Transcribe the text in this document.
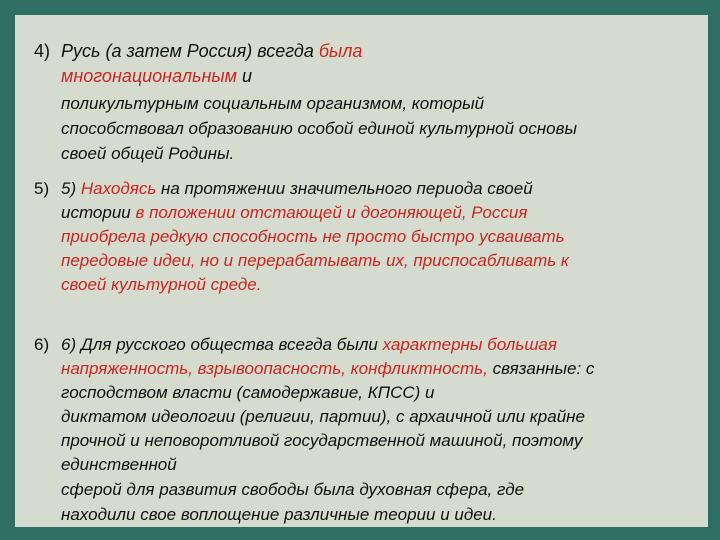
4) Русь (а затем Россия) всегда была
многонациональным и
поликультурным социальным организмом, который
способствовал образованию особой единой культурной основы
своей общей Родины.
5) 5) Находясь на протяжении значительного периода своей
истории в положении отстающей и догоняющей, Россия
приобрела редкую способность не просто быстро усваивать
передовые идеи, но и перерабатывать их, приспосабливать к
своей культурной среде.
6) 6) Для русского общества всегда были характерны большая
напряженность, взрывоопасность, конфликтность, связанные: с
господством власти (самодержавие, КПСС) и
диктатом идеологии (религии, партии), с архаичной или крайне
прочной и неповоротливой государственной машиной, поэтому
единственной
сферой для развития свободы была духовная сфера, где
находили свое воплощение различные теории и идеи.
